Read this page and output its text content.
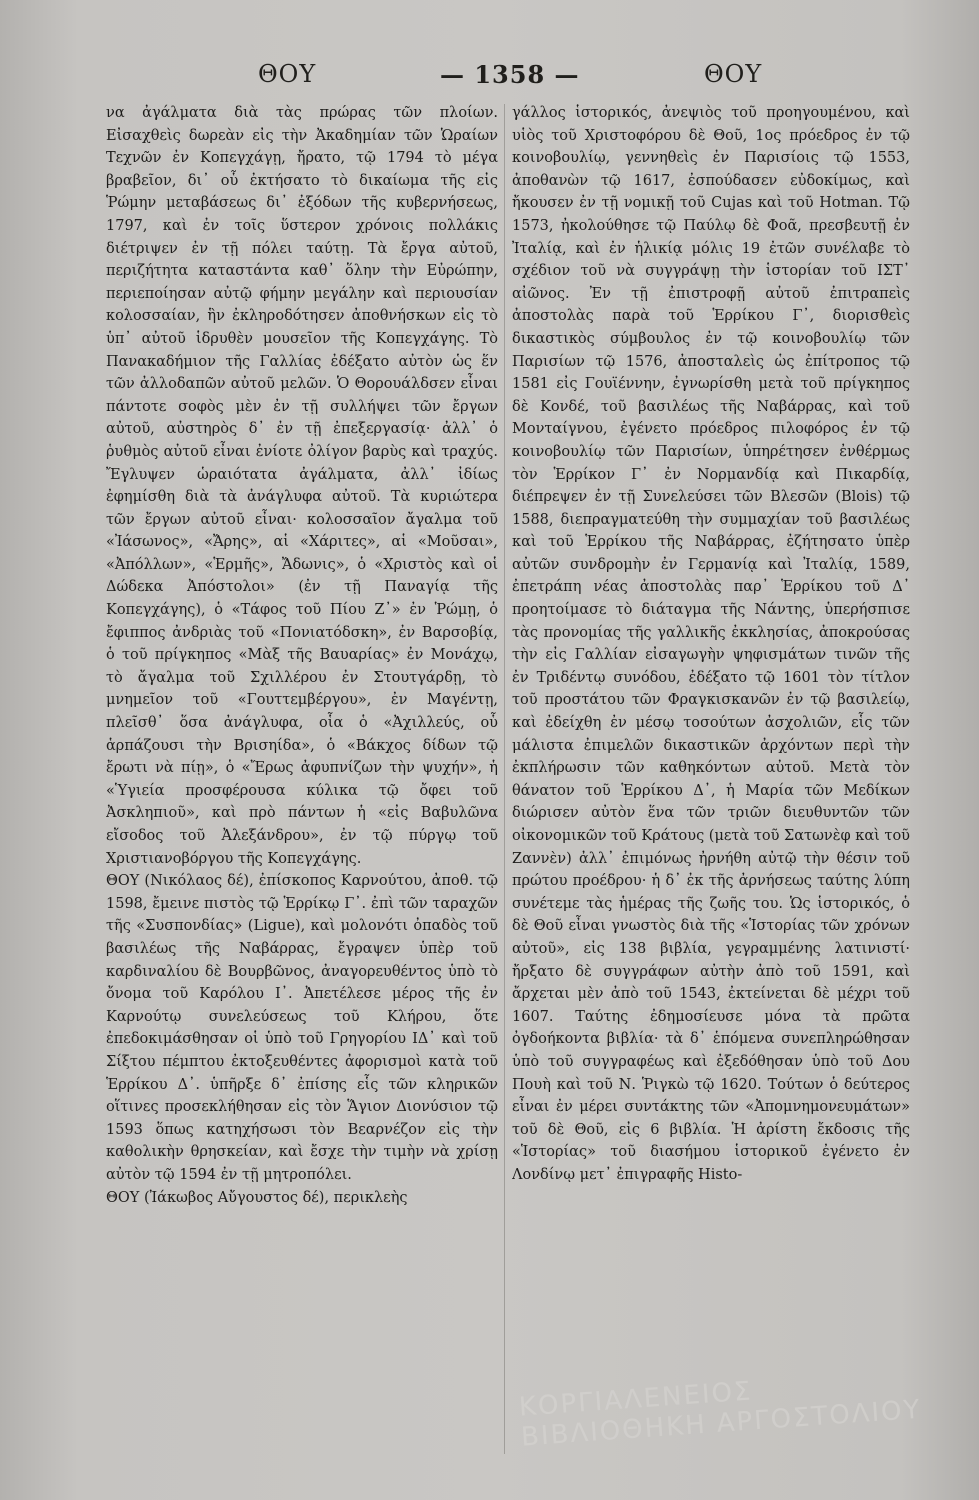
ΘΟΥ	— 1358 —	ΘΟΥ

να ἀγάλματα διὰ τὰς πρώρας τῶν πλοίων. Εἰσαχθεὶς δωρεὰν εἰς τὴν Ἀκαδημίαν τῶν Ὡραίων Τεχνῶν ἐν Κοπεγχάγῃ, ἤρατο, τῷ 1794 τὸ μέγα βραβεῖον, δι᾽ οὗ ἐκτήσατο τὸ δικαίωμα τῆς εἰς Ῥώμην μεταβάσεως δι᾽ ἐξόδων τῆς κυβερνήσεως, 1797, καὶ ἐν τοῖς ὕστερον χρόνοις πολλάκις διέτριψεν ἐν τῇ πόλει ταύτῃ. Τὰ ἔργα αὐτοῦ, περιζήτητα καταστάντα καθ᾽ ὅλην τὴν Εὐρώπην, περιεποίησαν αὐτῷ φήμην μεγάλην καὶ περιουσίαν κολοσσαίαν, ἣν ἐκληροδότησεν ἀποθνήσκων εἰς τὸ ὑπ᾽ αὐτοῦ ἱδρυθὲν μουσεῖον τῆς Κοπεγχάγης. Τὸ Πανακαδήμιον τῆς Γαλλίας ἐδέξατο αὐτὸν ὡς ἕν τῶν ἀλλοδαπῶν αὐτοῦ μελῶν. Ὁ Θορουάλδσεν εἶναι πάντοτε σοφὸς μὲν ἐν τῇ συλλήψει τῶν ἔργων αὐτοῦ, αὐστηρὸς δ᾽ ἐν τῇ ἐπεξεργασίᾳ· ἀλλ᾽ ὁ ῥυθμὸς αὐτοῦ εἶναι ἐνίοτε ὀλίγον βαρὺς καὶ τραχύς. Ἔγλυψεν ὡραιότατα ἀγάλματα, ἀλλ᾽ ἰδίως ἐφημίσθη διὰ τὰ ἀνάγλυφα αὐτοῦ. Τὰ κυριώτερα τῶν ἔργων αὐτοῦ εἶναι· κολοσσαῖον ἄγαλμα τοῦ «Ἰάσωνος», «Ἄρης», αἱ «Χάριτες», αἱ «Μοῦσαι», «Ἀπόλλων», «Ἑρμῆς», Ἄδωνις», ὁ «Χριστὸς καὶ οἱ Δώδεκα Ἀπόστολοι» (ἐν τῇ Παναγίᾳ τῆς Κοπεγχάγης), ὁ «Τάφος τοῦ Πίου Ζ᾽» ἐν Ῥώμῃ, ὁ ἔφιππος ἀνδριὰς τοῦ «Πονιατόδσκη», ἐν Βαρσοβίᾳ, ὁ τοῦ πρίγκηπος «Μὰξ τῆς Βαυαρίας» ἐν Μονάχῳ, τὸ ἄγαλμα τοῦ Σχιλλέρου ἐν Στουτγάρδῃ, τὸ μνημεῖον τοῦ «Γουττεμβέργου», ἐν Μαγέντῃ, πλεῖσθ᾽ ὅσα ἀνάγλυφα, οἷα ὁ «Ἀχιλλεύς, οὗ ἁρπάζουσι τὴν Βρισηίδα», ὁ «Βάκχος δίδων τῷ ἔρωτι νὰ πίῃ», ὁ «Ἔρως ἀφυπνίζων τὴν ψυχήν», ἡ «Ὑγιεία προσφέρουσα κύλικα τῷ ὄφει τοῦ Ἀσκληπιοῦ», καὶ πρὸ πάντων ἡ «εἰς Βαβυλῶνα εἴσοδος τοῦ Ἀλεξάνδρου», ἐν τῷ πύργῳ τοῦ Χριστιανοβόργου τῆς Κοπεγχάγης.

ΘΟΥ (Νικόλαος δέ), ἐπίσκοπος Καρνούτου, ἀποθ. τῷ 1598, ἔμεινε πιστὸς τῷ Ἑρρίκῳ Γ᾽. ἐπὶ τῶν ταραχῶν τῆς «Συσπονδίας» (Ligue), καὶ μολονότι ὀπαδὸς τοῦ βασιλέως τῆς Ναβάρρας, ἔγραψεν ὑπὲρ τοῦ καρδιναλίου δὲ Βουρβῶνος, ἀναγορευθέντος ὑπὸ τὸ ὄνομα τοῦ Καρόλου Ι᾽. Ἀπετέλεσε μέρος τῆς ἐν Καρνούτῳ συνελεύσεως τοῦ Κλήρου, ὅτε ἐπεδοκιμάσθησαν οἱ ὑπὸ τοῦ Γρηγορίου ΙΔ᾽ καὶ τοῦ Σίξτου πέμπτου ἐκτοξευθέντες ἀφορισμοὶ κατὰ τοῦ Ἑρρίκου Δ᾽. ὑπῆρξε δ᾽ ἐπίσης εἷς τῶν κληρικῶν οἵτινες προσεκλήθησαν εἰς τὸν Ἅγιον Διονύσιον τῷ 1593 ὅπως κατηχήσωσι τὸν Βεαρνέζον εἰς τὴν καθολικὴν θρησκείαν, καὶ ἔσχε τὴν τιμὴν νὰ χρίσῃ αὐτὸν τῷ 1594 ἐν τῇ μητροπόλει.

ΘΟΥ (Ἰάκωβος Αὔγουστος δέ), περικλεὴς

γάλλος ἱστορικός, ἀνεψιὸς τοῦ προηγουμένου, καὶ υἱὸς τοῦ Χριστοφόρου δὲ Θοῦ, 1ος πρόεδρος ἐν τῷ κοινοβουλίῳ, γεννηθεὶς ἐν Παρισίοις τῷ 1553, ἀποθανὼν τῷ 1617, ἐσπούδασεν εὐδοκίμως, καὶ ἤκουσεν ἐν τῇ νομικῇ τοῦ Cujas καὶ τοῦ Hotman. Τῷ 1573, ἠκολούθησε τῷ Παύλῳ δὲ Φοᾶ, πρεσβευτῇ ἐν Ἰταλίᾳ, καὶ ἐν ἡλικίᾳ μόλις 19 ἐτῶν συνέλαβε τὸ σχέδιον τοῦ νὰ συγγράψῃ τὴν ἱστορίαν τοῦ ΙΣΤ᾽ αἰῶνος. Ἐν τῇ ἐπιστροφῇ αὐτοῦ ἐπιτραπεὶς ἀποστολὰς παρὰ τοῦ Ἑρρίκου Γ᾽, διορισθεὶς δικαστικὸς σύμβουλος ἐν τῷ κοινοβουλίῳ τῶν Παρισίων τῷ 1576, ἀποσταλεὶς ὡς ἐπίτροπος τῷ 1581 εἰς Γουϊέννην, ἐγνωρίσθη μετὰ τοῦ πρίγκηπος δὲ Κονδέ, τοῦ βασιλέως τῆς Ναβάρρας, καὶ τοῦ Μονταίγνου, ἐγένετο πρόεδρος πιλοφόρος ἐν τῷ κοινοβουλίῳ τῶν Παρισίων, ὑπηρέτησεν ἐνθέρμως τὸν Ἑρρίκον Γ᾽ ἐν Νορμανδίᾳ καὶ Πικαρδίᾳ, διέπρεψεν ἐν τῇ Συνελεύσει τῶν Βλεσῶν (Blois) τῷ 1588, διεπραγματεύθη τὴν συμμαχίαν τοῦ βασιλέως καὶ τοῦ Ἑρρίκου τῆς Ναβάρρας, ἐζήτησατο ὑπὲρ αὐτῶν συνδρομὴν ἐν Γερμανίᾳ καὶ Ἰταλίᾳ, 1589, ἐπετράπη νέας ἀποστολὰς παρ᾽ Ἑρρίκου τοῦ Δ᾽ προητοίμασε τὸ διάταγμα τῆς Νάντης, ὑπερήσπισε τὰς προνομίας τῆς γαλλικῆς ἐκκλησίας, ἀποκρούσας τὴν εἰς Γαλλίαν εἰσαγωγὴν ψηφισμάτων τινῶν τῆς ἐν Τριδέντῳ συνόδου, ἐδέξατο τῷ 1601 τὸν τίτλον τοῦ προστάτου τῶν Φραγκισκανῶν ἐν τῷ βασιλείῳ, καὶ ἐδείχθη ἐν μέσῳ τοσούτων ἀσχολιῶν, εἷς τῶν μάλιστα ἐπιμελῶν δικαστικῶν ἀρχόντων περὶ τὴν ἐκπλήρωσιν τῶν καθηκόντων αὐτοῦ. Μετὰ τὸν θάνατον τοῦ Ἑρρίκου Δ᾽, ἡ Μαρία τῶν Μεδίκων διώρισεν αὐτὸν ἕνα τῶν τριῶν διευθυντῶν τῶν οἰκονομικῶν τοῦ Κράτους (μετὰ τοῦ Σατωνὲφ καὶ τοῦ Ζαννὲν) ἀλλ᾽ ἐπιμόνως ἠρνήθη αὐτῷ τὴν θέσιν τοῦ πρώτου προέδρου· ἡ δ᾽ ἐκ τῆς ἀρνήσεως ταύτης λύπη συνέτεμε τὰς ἡμέρας τῆς ζωῆς του. Ὡς ἱστορικός, ὁ δὲ Θοῦ εἶναι γνωστὸς διὰ τῆς «Ἱστορίας τῶν χρόνων αὐτοῦ», εἰς 138 βιβλία, γεγραμμένης λατινιστί· ἤρξατο δὲ συγγράφων αὐτὴν ἀπὸ τοῦ 1591, καὶ ἄρχεται μὲν ἀπὸ τοῦ 1543, ἐκτείνεται δὲ μέχρι τοῦ 1607. Ταύτης ἐδημοσίευσε μόνα τὰ πρῶτα ὀγδοήκοντα βιβλία· τὰ δ᾽ ἑπόμενα συνεπληρώθησαν ὑπὸ τοῦ συγγραφέως καὶ ἐξεδόθησαν ὑπὸ τοῦ Δου Πουὴ καὶ τοῦ Ν. Ῥιγκὼ τῷ 1620. Τούτων ὁ δεύτερος εἶναι ἐν μέρει συντάκτης τῶν «Ἀπομνημονευμάτων» τοῦ δὲ Θοῦ, εἰς 6 βιβλία. Ἡ ἀρίστη ἔκδοσις τῆς «Ἱστορίας» τοῦ διασήμου ἱστορικοῦ ἐγένετο ἐν Λονδίνῳ μετ᾽ ἐπιγραφῆς Histo-

ΚΟΡΓΙΑΛΕΝΕΙΟΣ ΒΙΒΛΙΟΘΗΚΗ ΑΡΓΟΣΤΟΛΙΟΥ
